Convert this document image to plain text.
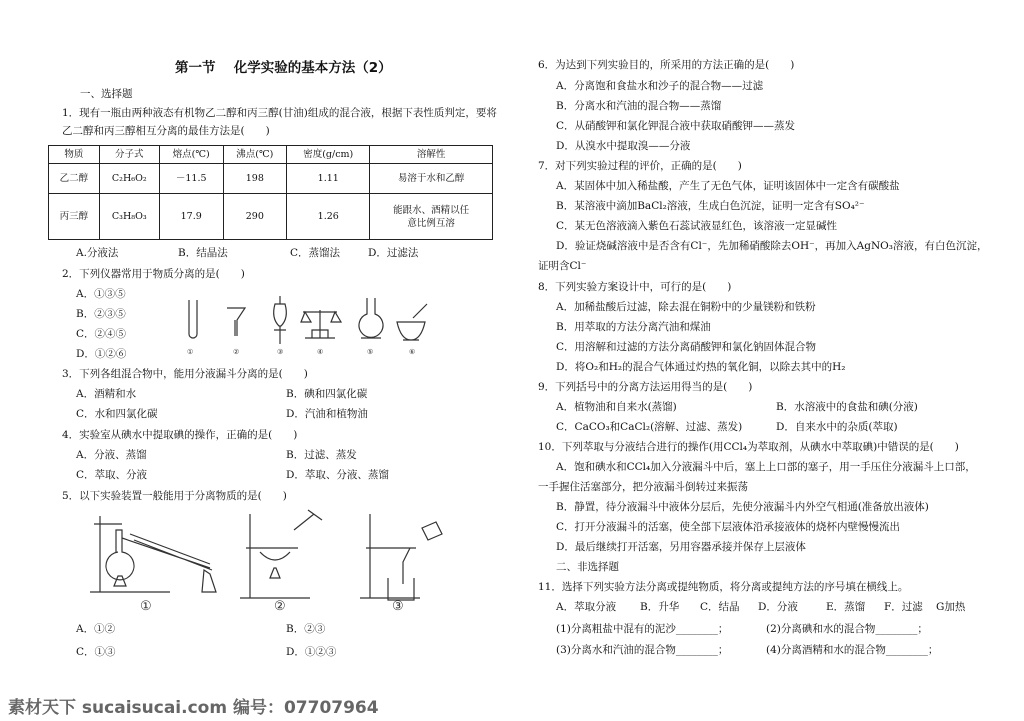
第一节　 化学实验的基本方法（2）
一、选择题
1．现有一瓶由两种液态有机物乙二醇和丙三醇(甘油)组成的混合液，根据下表性质判定，要将
乙二醇和丙三醇相互分离的最佳方法是(　　)
物质	分子式	熔点(℃)	沸点(℃)	密度(g/cm)	溶解性
乙二醇	C₂H₆O₂	－11.5	198	1.11	易溶于水和乙醇
丙三醇	C₃H₈O₃	17.9	290	1.26	能跟水、酒精以任
意比例互溶
A.分液法	B．结晶法	C．蒸馏法	D．过滤法
2．下列仪器常用于物质分离的是(　　)
A．①③⑤
B．②③⑤
C．②④⑤
D．①②⑥	①	②	③	④	⑤	⑥
3．下列各组混合物中，能用分液漏斗分离的是(　　)
A．酒精和水	B．碘和四氯化碳
C．水和四氯化碳	D．汽油和植物油
4．实验室从碘水中提取碘的操作，正确的是(　　)
A．分液、蒸馏	B．过滤、蒸发
C．萃取、分液	D．萃取、分液、蒸馏
5．以下实验装置一般能用于分离物质的是(　　)
①	②	③
A．①②	B．②③
C．①③	D．①②③
6．为达到下列实验目的，所采用的方法正确的是(　　)
A．分离饱和食盐水和沙子的混合物——过滤
B．分离水和汽油的混合物——蒸馏
C．从硝酸钾和氯化钾混合液中获取硝酸钾——蒸发
D．从溴水中提取溴——分液
7．对下列实验过程的评价，正确的是(　　)
A．某固体中加入稀盐酸，产生了无色气体，证明该固体中一定含有碳酸盐
B．某溶液中滴加BaCl₂溶液，生成白色沉淀，证明一定含有SO₄²⁻
C．某无色溶液滴入紫色石蕊试液显红色，该溶液一定显碱性
D．验证烧碱溶液中是否含有Cl⁻，先加稀硝酸除去OH⁻，再加入AgNO₃溶液，有白色沉淀，
证明含Cl⁻
8．下列实验方案设计中，可行的是(　　)
A．加稀盐酸后过滤，除去混在铜粉中的少量镁粉和铁粉
B．用萃取的方法分离汽油和煤油
C．用溶解和过滤的方法分离硝酸钾和氯化钠固体混合物
D．将O₂和H₂的混合气体通过灼热的氧化铜，以除去其中的H₂
9．下列括号中的分离方法运用得当的是(　　)
A．植物油和自来水(蒸馏)	B．水溶液中的食盐和碘(分液)
C．CaCO₃和CaCl₂(溶解、过滤、蒸发)	D．自来水中的杂质(萃取)
10．下列萃取与分液结合进行的操作(用CCl₄为萃取剂，从碘水中萃取碘)中错误的是(　　)
A．饱和碘水和CCl₄加入分液漏斗中后，塞上上口部的塞子，用一手压住分液漏斗上口部，
一手握住活塞部分，把分液漏斗倒转过来振荡
B．静置，待分液漏斗中液体分层后，先使分液漏斗内外空气相通(准备放出液体)
C．打开分液漏斗的活塞，使全部下层液体沿承接液体的烧杯内壁慢慢流出
D．最后继续打开活塞，另用容器承接并保存上层液体
二、非选择题
11．选择下列实验方法分离或提纯物质，将分离或提纯方法的序号填在横线上。
A．萃取分液 B．升华 C．结晶 D．分液	E．蒸馏 F．过滤 G加热
(1)分离粗盐中混有的泥沙________；	(2)分离碘和水的混合物________；
(3)分离水和汽油的混合物________；	(4)分离酒精和水的混合物________；
素材天下 sucaisucai.com 编号：07707964
